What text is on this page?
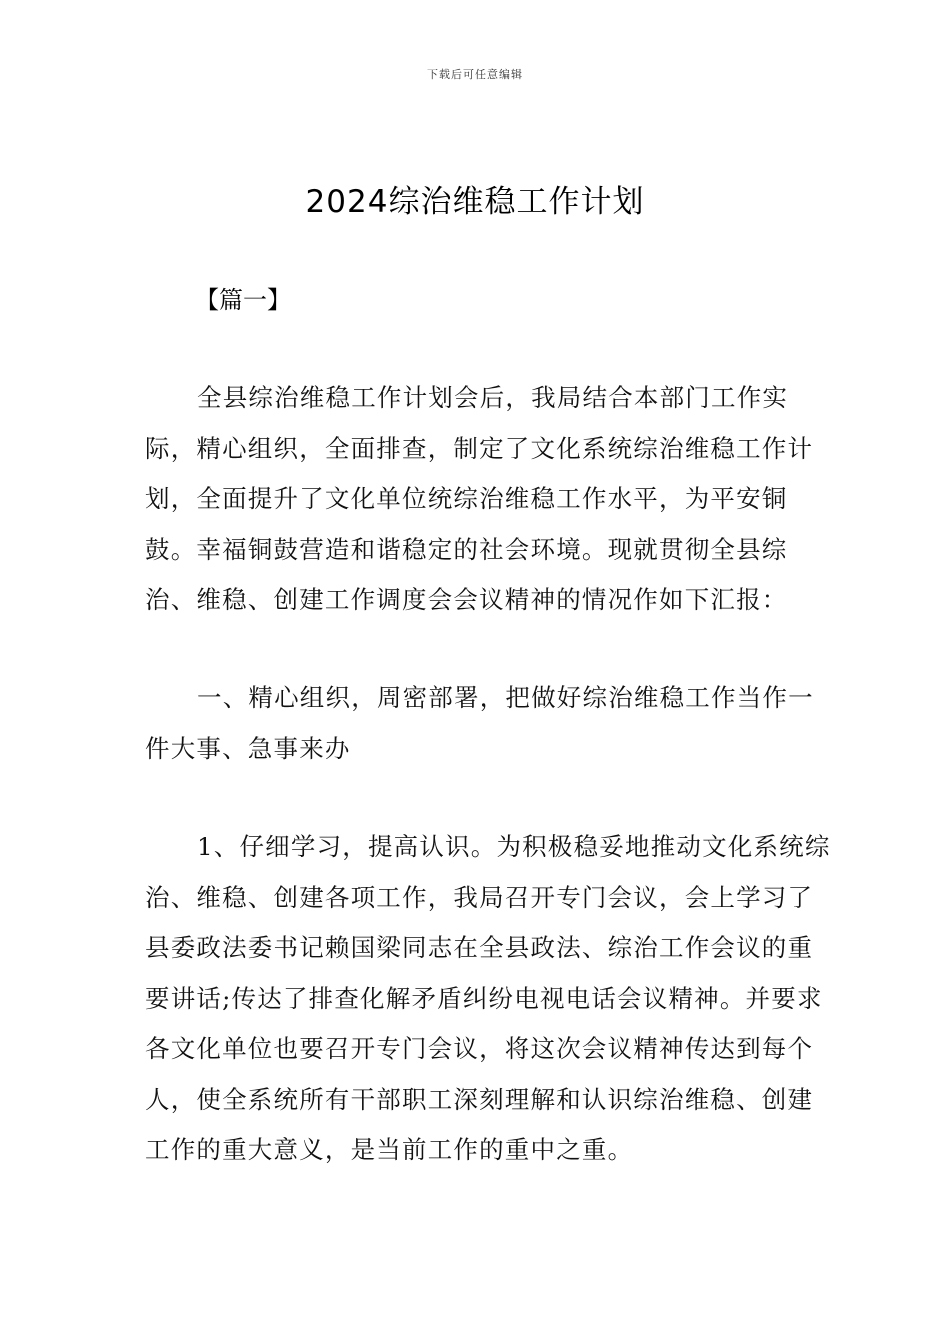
下载后可任意编辑
2024综治维稳工作计划
【篇一】

全县综治维稳工作计划会后，我局结合本部门工作实际，精心组织，全面排查，制定了文化系统综治维稳工作计划，全面提升了文化单位统综治维稳工作水平，为平安铜鼓。幸福铜鼓营造和谐稳定的社会环境。现就贯彻全县综治、维稳、创建工作调度会会议精神的情况作如下汇报：

一、精心组织，周密部署，把做好综治维稳工作当作一件大事、急事来办

1、仔细学习，提高认识。为积极稳妥地推动文化系统综治、维稳、创建各项工作，我局召开专门会议，会上学习了县委政法委书记赖国梁同志在全县政法、综治工作会议的重要讲话;传达了排查化解矛盾纠纷电视电话会议精神。并要求各文化单位也要召开专门会议，将这次会议精神传达到每个人，使全系统所有干部职工深刻理解和认识综治维稳、创建工作的重大意义，是当前工作的重中之重。
